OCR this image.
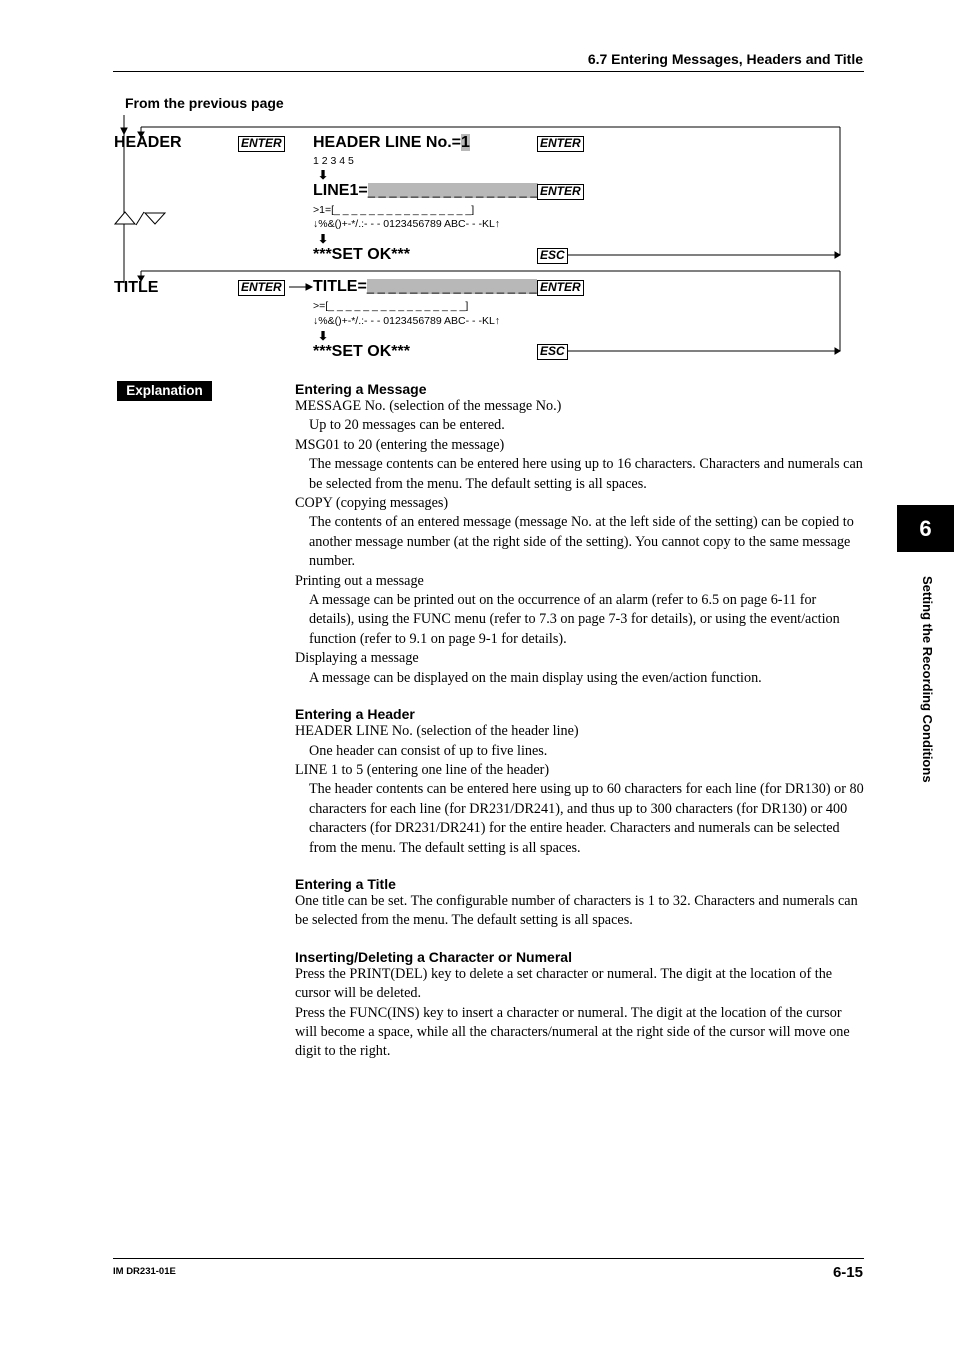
6.7 Entering Messages, Headers and Title
From the previous page
HEADER	ENTER HEADER LINE No.=1	ENTER
1 2 3 4 5
⬇
LINE1=_ _ _ _ _ _ _ _ _ _ _ _ _ _ _ _ ENTER
>1=[_ _ _ _ _ _ _ _ _ _ _ _ _ _ _ _]
↓%&()+-*/.:- - - 0123456789 ABC- - -KL↑
⬇
***SET OK***	ESC
TITLE	ENTER TITLE=_ _ _ _ _ _ _ _ _ _ _ _ _ _ _ _ ENTER
>=[_ _ _ _ _ _ _ _ _ _ _ _ _ _ _ _]
↓%&()+-*/.:- - - 0123456789 ABC- - -KL↑
⬇
***SET OK***	ESC
Explanation	Entering a Message
MESSAGE No. (selection of the message No.)
Up to 20 messages can be entered.
MSG01 to 20 (entering the message)
The message contents can be entered here using up to 16 characters. Characters and numerals can be selected from the menu. The default setting is all spaces.
COPY (copying messages)
The contents of an entered message (message No. at the left side of the setting) can be copied to another message number (at the right side of the setting). You cannot copy to the same message number.
Printing out a message
A message can be printed out on the occurrence of an alarm (refer to 6.5 on page 6-11 for details), using the FUNC menu (refer to 7.3 on page 7-3 for details), or using the event/action function (refer to 9.1 on page 9-1 for details).
Displaying a message
A message can be displayed on the main display using the even/action function.
Entering a Header
HEADER LINE No. (selection of the header line)
One header can consist of up to five lines.
LINE 1 to 5 (entering one line of the header)
The header contents can be entered here using up to 60 characters for each line (for DR130) or 80 characters for each line (for DR231/DR241), and thus up to 300 characters (for DR130) or 400 characters (for DR231/DR241) for the entire header. Characters and numerals can be selected from the menu. The default setting is all spaces.
Entering a Title
One title can be set. The configurable number of characters is 1 to 32. Characters and numerals can be selected from the menu. The default setting is all spaces.
Inserting/Deleting a Character or Numeral
Press the PRINT(DEL) key to delete a set character or numeral. The digit at the location of the cursor will be deleted.
Press the FUNC(INS) key to insert a character or numeral. The digit at the location of the cursor will become a space, while all the characters/numeral at the right side of the cursor will move one digit to the right.
6
Setting the Recording Conditions
IM DR231-01E	6-15
